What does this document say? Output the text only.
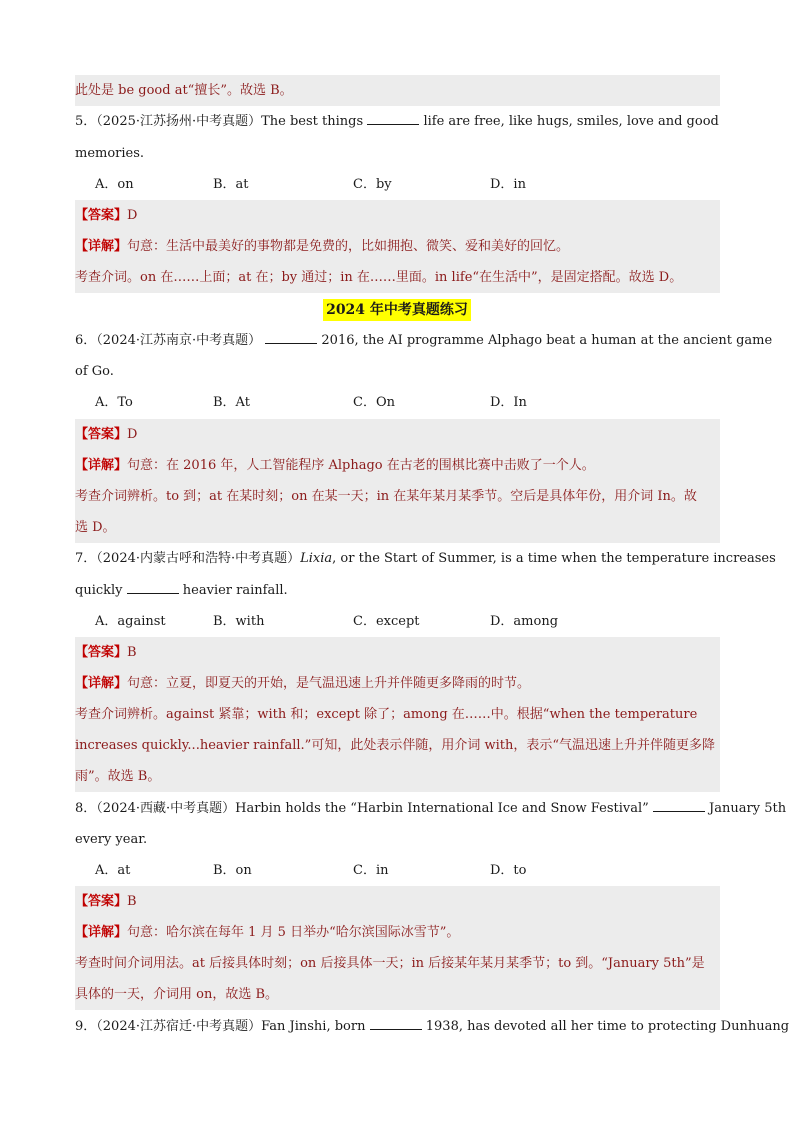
此处是 be good at“擅长”。故选 B。
5．（2025·江苏扬州·中考真题）The best things	life are free, like hugs, smiles, love and good
memories.
A．on	B．at	C．by	D．in
【答案】D
【详解】句意：生活中最美好的事物都是免费的，比如拥抱、微笑、爱和美好的回忆。
考查介词。on 在……上面；at 在；by 通过；in 在……里面。in life“在生活中”，是固定搭配。故选 D。
2024 年中考真题练习
6．（2024·江苏南京·中考真题）	2016, the AI programme Alphago beat a human at the ancient game
of Go.
A．To	B．At	C．On	D．In
【答案】D
【详解】句意：在 2016 年，人工智能程序 Alphago 在古老的围棋比赛中击败了一个人。
考查介词辨析。to 到；at 在某时刻；on 在某一天；in 在某年某月某季节。空后是具体年份，用介词 In。故
选 D。
7．（2024·内蒙古呼和浩特·中考真题）Lixia, or the Start of Summer, is a time when the temperature increases
quickly	heavier rainfall.
A．against	B．with	C．except	D．among
【答案】B
【详解】句意：立夏，即夏天的开始，是气温迅速上升并伴随更多降雨的时节。
考查介词辨析。against 紧靠；with 和；except 除了；among 在……中。根据“when the temperature
increases quickly...heavier rainfall.”可知，此处表示伴随，用介词 with，表示“气温迅速上升并伴随更多降
雨”。故选 B。
8．（2024·西藏·中考真题）Harbin holds the “Harbin International Ice and Snow Festival”	January 5th
every year.
A．at	B．on	C．in	D．to
【答案】B
【详解】句意：哈尔滨在每年 1 月 5 日举办“哈尔滨国际冰雪节”。
考查时间介词用法。at 后接具体时刻；on 后接具体一天；in 后接某年某月某季节；to 到。“January 5th”是
具体的一天，介词用 on，故选 B。
9．（2024·江苏宿迁·中考真题）Fan Jinshi, born	1938, has devoted all her time to protecting Dunhuang
